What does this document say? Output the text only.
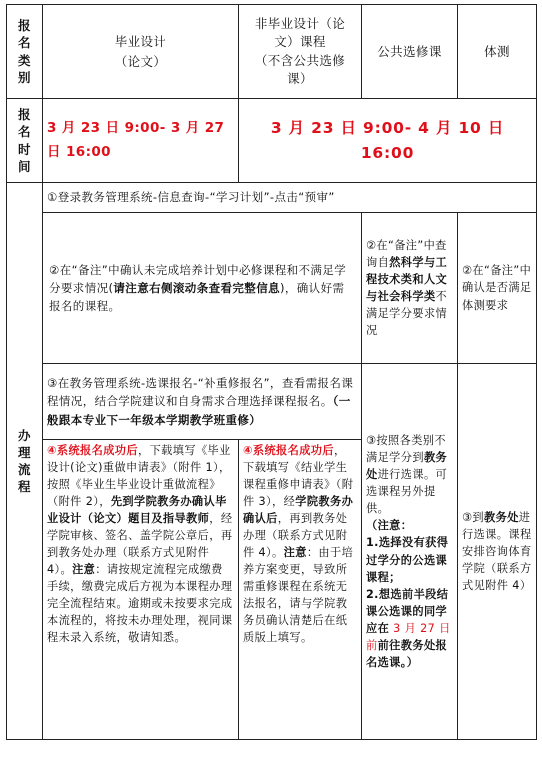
报
名
类
别	毕业设计
（论文）	非毕业设计（论
文）课程
（不含公共选修
课）	公共选修课	体测

报
名
时
间	3 月 23 日 9:00- 3 月 27 日 16:00	3 月 23 日 9:00- 4 月 10 日 16:00		

办
理
流
程	①登录教务管理系统-信息查询-“学习计划”-点击“预审”			
	②在“备注”中确认未完成培养计划中必修课程和不满足学分要求情况(请注意右侧滚动条查看完整信息)，确认好需报名的课程。		②在“备注”中查询自然科学与工程技术类和人文与社会科学类不满足学分要求情况	②在“备注”中确认是否满足体测要求
	③在教务管理系统-选课报名-“补重修报名”，查看需报名课程情况，结合学院建议和自身需求合理选择课程报名。（一般跟本专业下一年级本学期教学班重修）		③按照各类别不满足学分到教务处进行选课。可选课程另外提供。
（注意：
1.选择没有获得过学分的公选课课程；
2.想选前半段结课公选课的同学应在 3 月 27 日前前往教务处报名选课。）	③到教务处进行选课。课程安排咨询体育学院（联系方式见附件 4）
	④系统报名成功后，下载填写《毕业设计(论文)重做申请表》（附件 1），按照《毕业生毕业设计重做流程》（附件 2），先到学院教务办确认毕业设计（论文）题目及指导教师，经学院审核、签名、盖学院公章后，再到教务处办理（联系方式见附件 4）。注意：请按规定流程完成缴费手续，缴费完成后方视为本课程办理完全流程结束。逾期或未按要求完成本流程的，将按未办理处理，视同课程未录入系统，敬请知悉。	④系统报名成功后，下载填写《结业学生课程重修申请表》（附件 3），经学院教务办确认后，再到教务处办理（联系方式见附件 4）。注意：由于培养方案变更，导致所需重修课程在系统无法报名，请与学院教务员确认清楚后在纸质版上填写。		
